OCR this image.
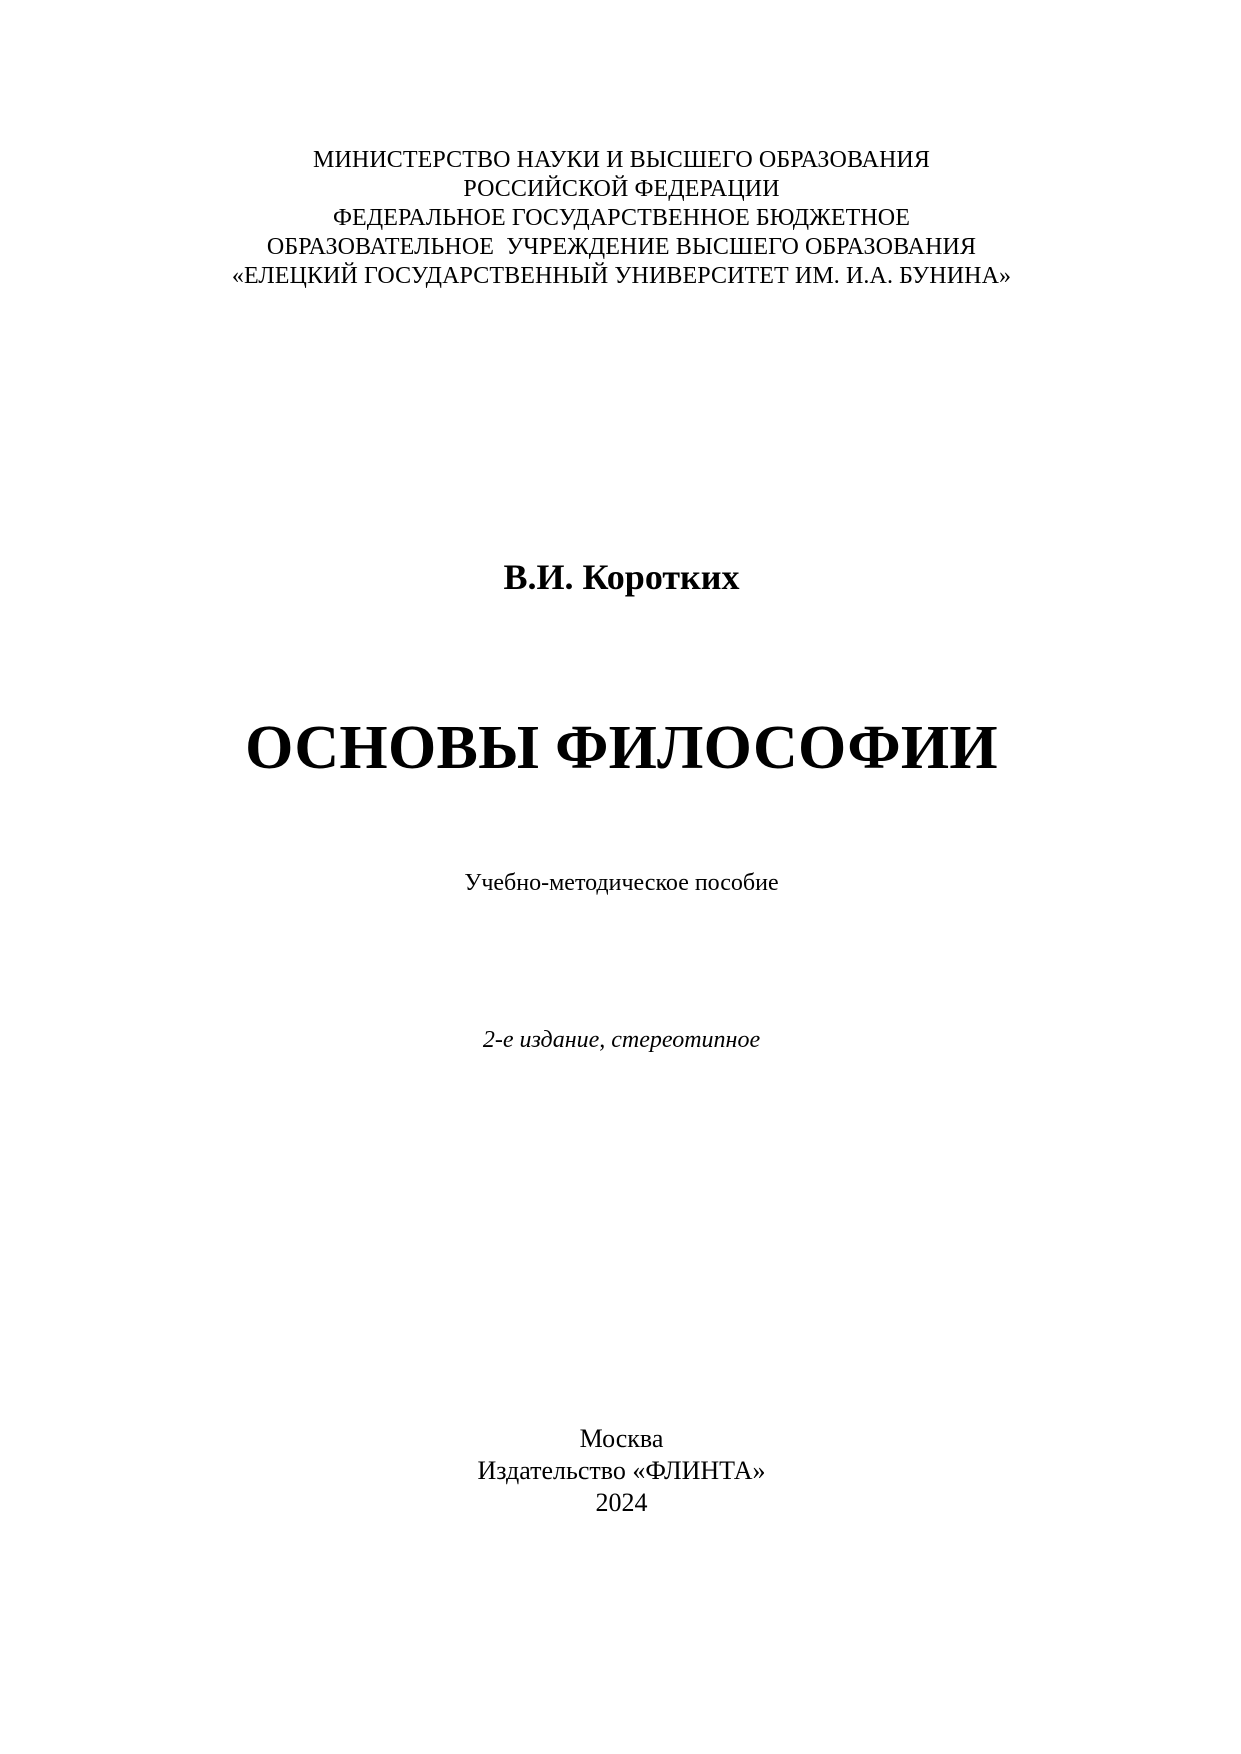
МИНИСТЕРСТВО НАУКИ И ВЫСШЕГО ОБРАЗОВАНИЯ
РОССИЙСКОЙ ФЕДЕРАЦИИ
ФЕДЕРАЛЬНОЕ ГОСУДАРСТВЕННОЕ БЮДЖЕТНОЕ
ОБРАЗОВАТЕЛЬНОЕ  УЧРЕЖДЕНИЕ ВЫСШЕГО ОБРАЗОВАНИЯ
«ЕЛЕЦКИЙ ГОСУДАРСТВЕННЫЙ УНИВЕРСИТЕТ ИМ. И.А. БУНИНА»
В.И. Коротких
ОСНОВЫ ФИЛОСОФИИ
Учебно-методическое пособие
2-е издание, стереотипное
Москва
Издательство «ФЛИНТА»
2024
